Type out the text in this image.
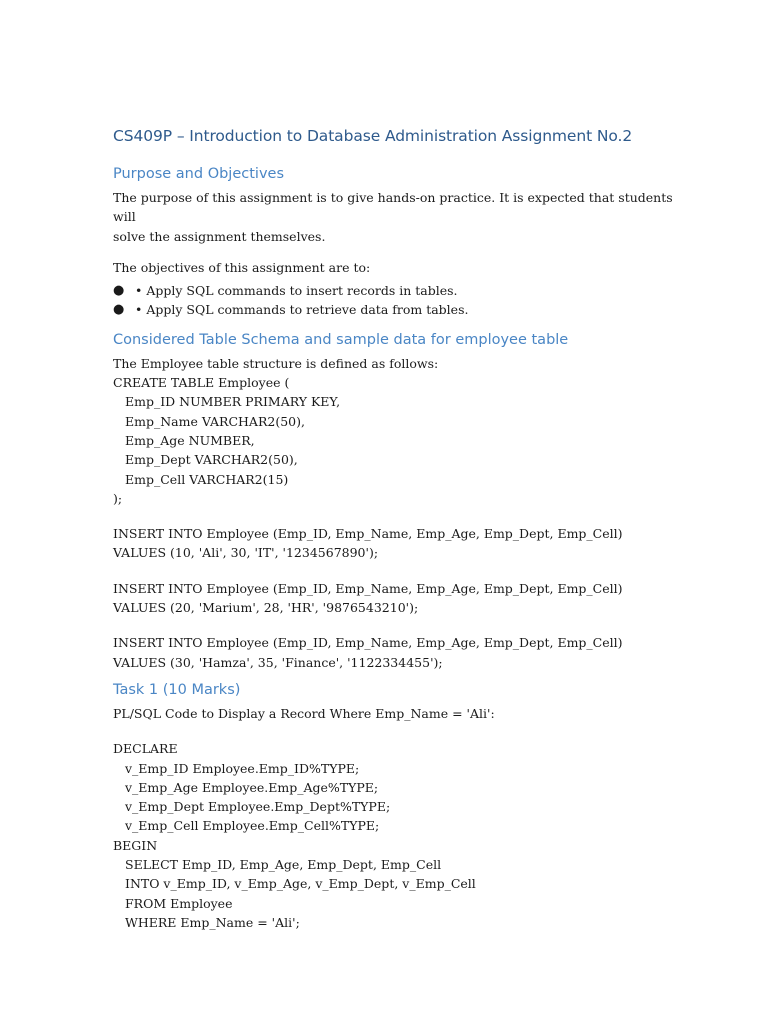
CS409P – Introduction to Database Administration Assignment No.2
Purpose and Objectives
The purpose of this assignment is to give hands-on practice. It is expected that students will
solve the assignment themselves.
The objectives of this assignment are to:
● • Apply SQL commands to insert records in tables.
● • Apply SQL commands to retrieve data from tables.
Considered Table Schema and sample data for employee table
The Employee table structure is defined as follows:
CREATE TABLE Employee (
Emp_ID NUMBER PRIMARY KEY,
Emp_Name VARCHAR2(50),
Emp_Age NUMBER,
Emp_Dept VARCHAR2(50),
Emp_Cell VARCHAR2(15)
);
INSERT INTO Employee (Emp_ID, Emp_Name, Emp_Age, Emp_Dept, Emp_Cell)
VALUES (10, 'Ali', 30, 'IT', '1234567890');
INSERT INTO Employee (Emp_ID, Emp_Name, Emp_Age, Emp_Dept, Emp_Cell)
VALUES (20, 'Marium', 28, 'HR', '9876543210');
INSERT INTO Employee (Emp_ID, Emp_Name, Emp_Age, Emp_Dept, Emp_Cell)
VALUES (30, 'Hamza', 35, 'Finance', '1122334455');
Task 1 (10 Marks)
PL/SQL Code to Display a Record Where Emp_Name = 'Ali':
DECLARE
v_Emp_ID Employee.Emp_ID%TYPE;
v_Emp_Age Employee.Emp_Age%TYPE;
v_Emp_Dept Employee.Emp_Dept%TYPE;
v_Emp_Cell Employee.Emp_Cell%TYPE;
BEGIN
SELECT Emp_ID, Emp_Age, Emp_Dept, Emp_Cell
INTO v_Emp_ID, v_Emp_Age, v_Emp_Dept, v_Emp_Cell
FROM Employee
WHERE Emp_Name = 'Ali';
